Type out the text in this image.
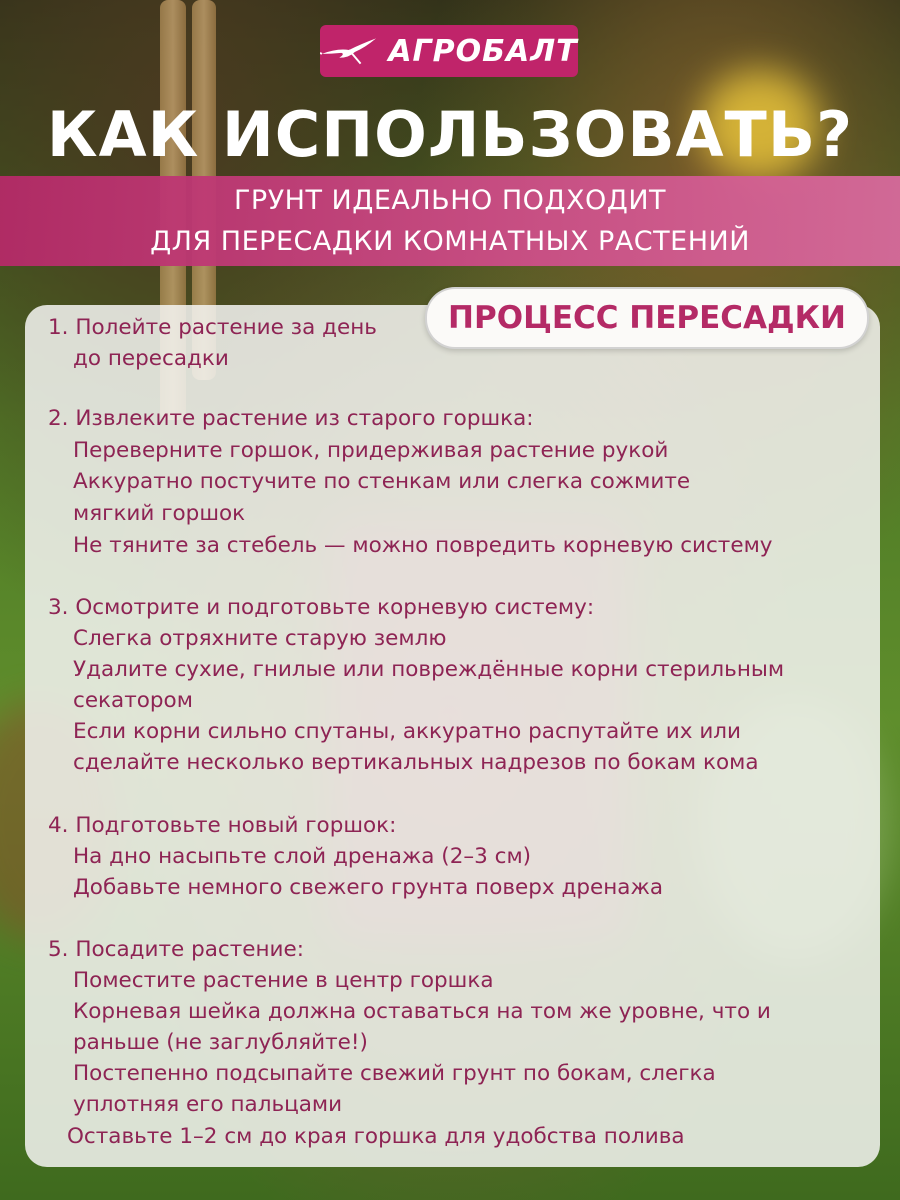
АГРОБАЛТ
КАК ИСПОЛЬЗОВАТЬ?
ГРУНТ ИДЕАЛЬНО ПОДХОДИТ
ДЛЯ ПЕРЕСАДКИ КОМНАТНЫХ РАСТЕНИЙ
ПРОЦЕСС ПЕРЕСАДКИ
1. Полейте растение за день
до пересадки
2. Извлеките растение из старого горшка:
Переверните горшок, придерживая растение рукой
Аккуратно постучите по стенкам или слегка сожмите
мягкий горшок
Не тяните за стебель — можно повредить корневую систему
3. Осмотрите и подготовьте корневую систему:
Слегка отряхните старую землю
Удалите сухие, гнилые или повреждённые корни стерильным
секатором
Если корни сильно спутаны, аккуратно распутайте их или
сделайте несколько вертикальных надрезов по бокам кома
4. Подготовьте новый горшок:
На дно насыпьте слой дренажа (2–3 см)
Добавьте немного свежего грунта поверх дренажа
5. Посадите растение:
Поместите растение в центр горшка
Корневая шейка должна оставаться на том же уровне, что и
раньше (не заглубляйте!)
Постепенно подсыпайте свежий грунт по бокам, слегка
уплотняя его пальцами
Оставьте 1–2 см до края горшка для удобства полива
